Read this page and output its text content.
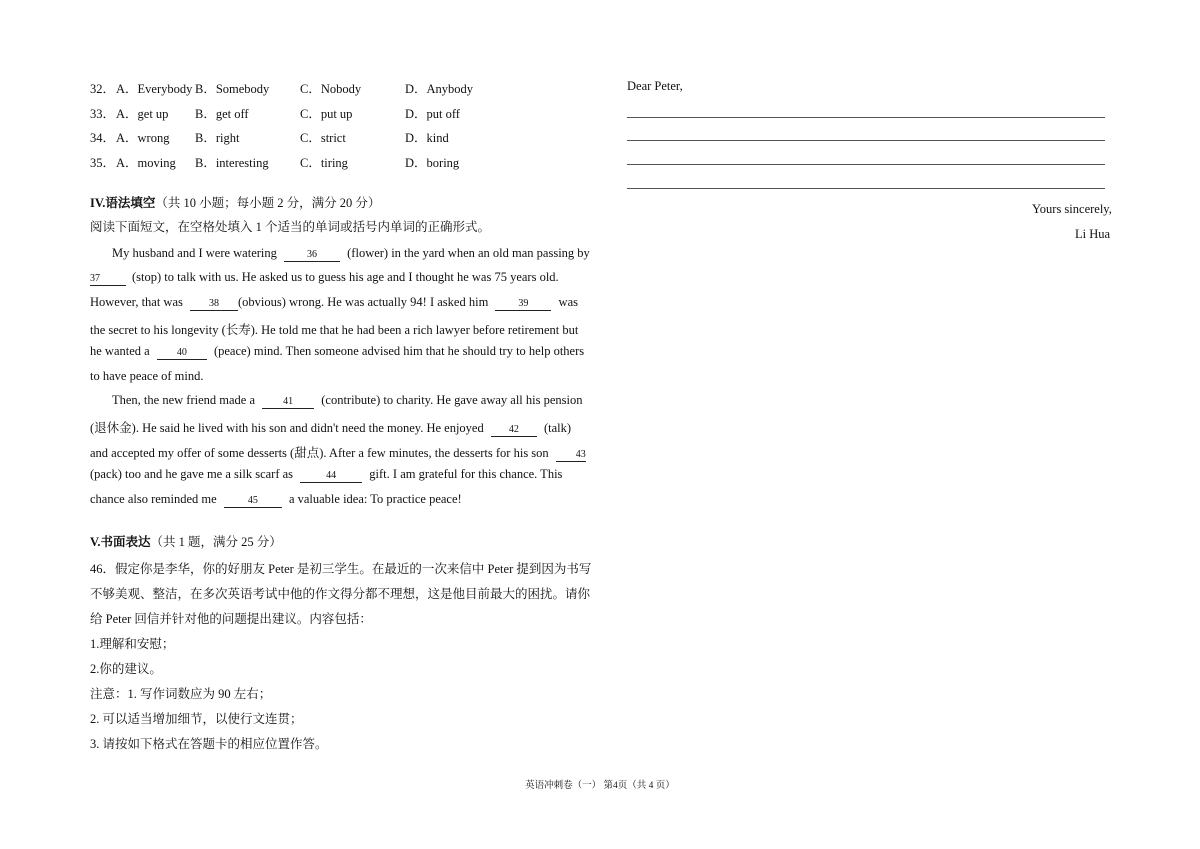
32． A．Everybody B．Somebody C．Nobody	D．Anybody
33． A．get up B．get off	C．put up	D．put off
34． A．wrong B．right	C．strict	D．kind
35． A．moving B．interesting	C．tiring	D．boring
IV.语法填空（共 10 小题；每小题 2 分，满分 20 分）
阅读下面短文，在空格处填入 1 个适当的单词或括号内单词的正确形式。
My husband and I were watering	36 (flower) in the yard when an old man passing by
37	(stop) to talk with us. He asked us to guess his age and I thought he was 75 years old.
However, that was	38 (obvious) wrong. He was actually 94! I asked him	39 was
the secret to his longevity (长寿). He told me that he had been a rich lawyer before retirement but
he wanted a	40 (peace) mind. Then someone advised him that he should try to help others
to have peace of mind.
Then, the new friend made a	41 (contribute) to charity. He gave away all his pension
(退休金). He said he lived with his son and didn't need the money. He enjoyed	42 (talk)
and accepted my offer of some desserts (甜点). After a few minutes, the desserts for his son	43
(pack) too and he gave me a silk scarf as	44	gift. I am grateful for this chance. This
chance also reminded me	45 a valuable idea: To practice peace!
V.书面表达（共 1 题，满分 25 分）
46．假定你是李华，你的好朋友 Peter 是初三学生。在最近的一次来信中 Peter 提到因为书写
不够美观、整洁，在多次英语考试中他的作文得分都不理想，这是他目前最大的困扰。请你
给 Peter 回信并针对他的问题提出建议。内容包括：
1.理解和安慰；
2.你的建议。
注意：1. 写作词数应为 90 左右；
2. 可以适当增加细节，以使行文连贯；
3. 请按如下格式在答题卡的相应位置作答。
Dear Peter,
Yours sincerely,
Li Hua
英语冲刺卷（一） 第4页（共 4 页）
